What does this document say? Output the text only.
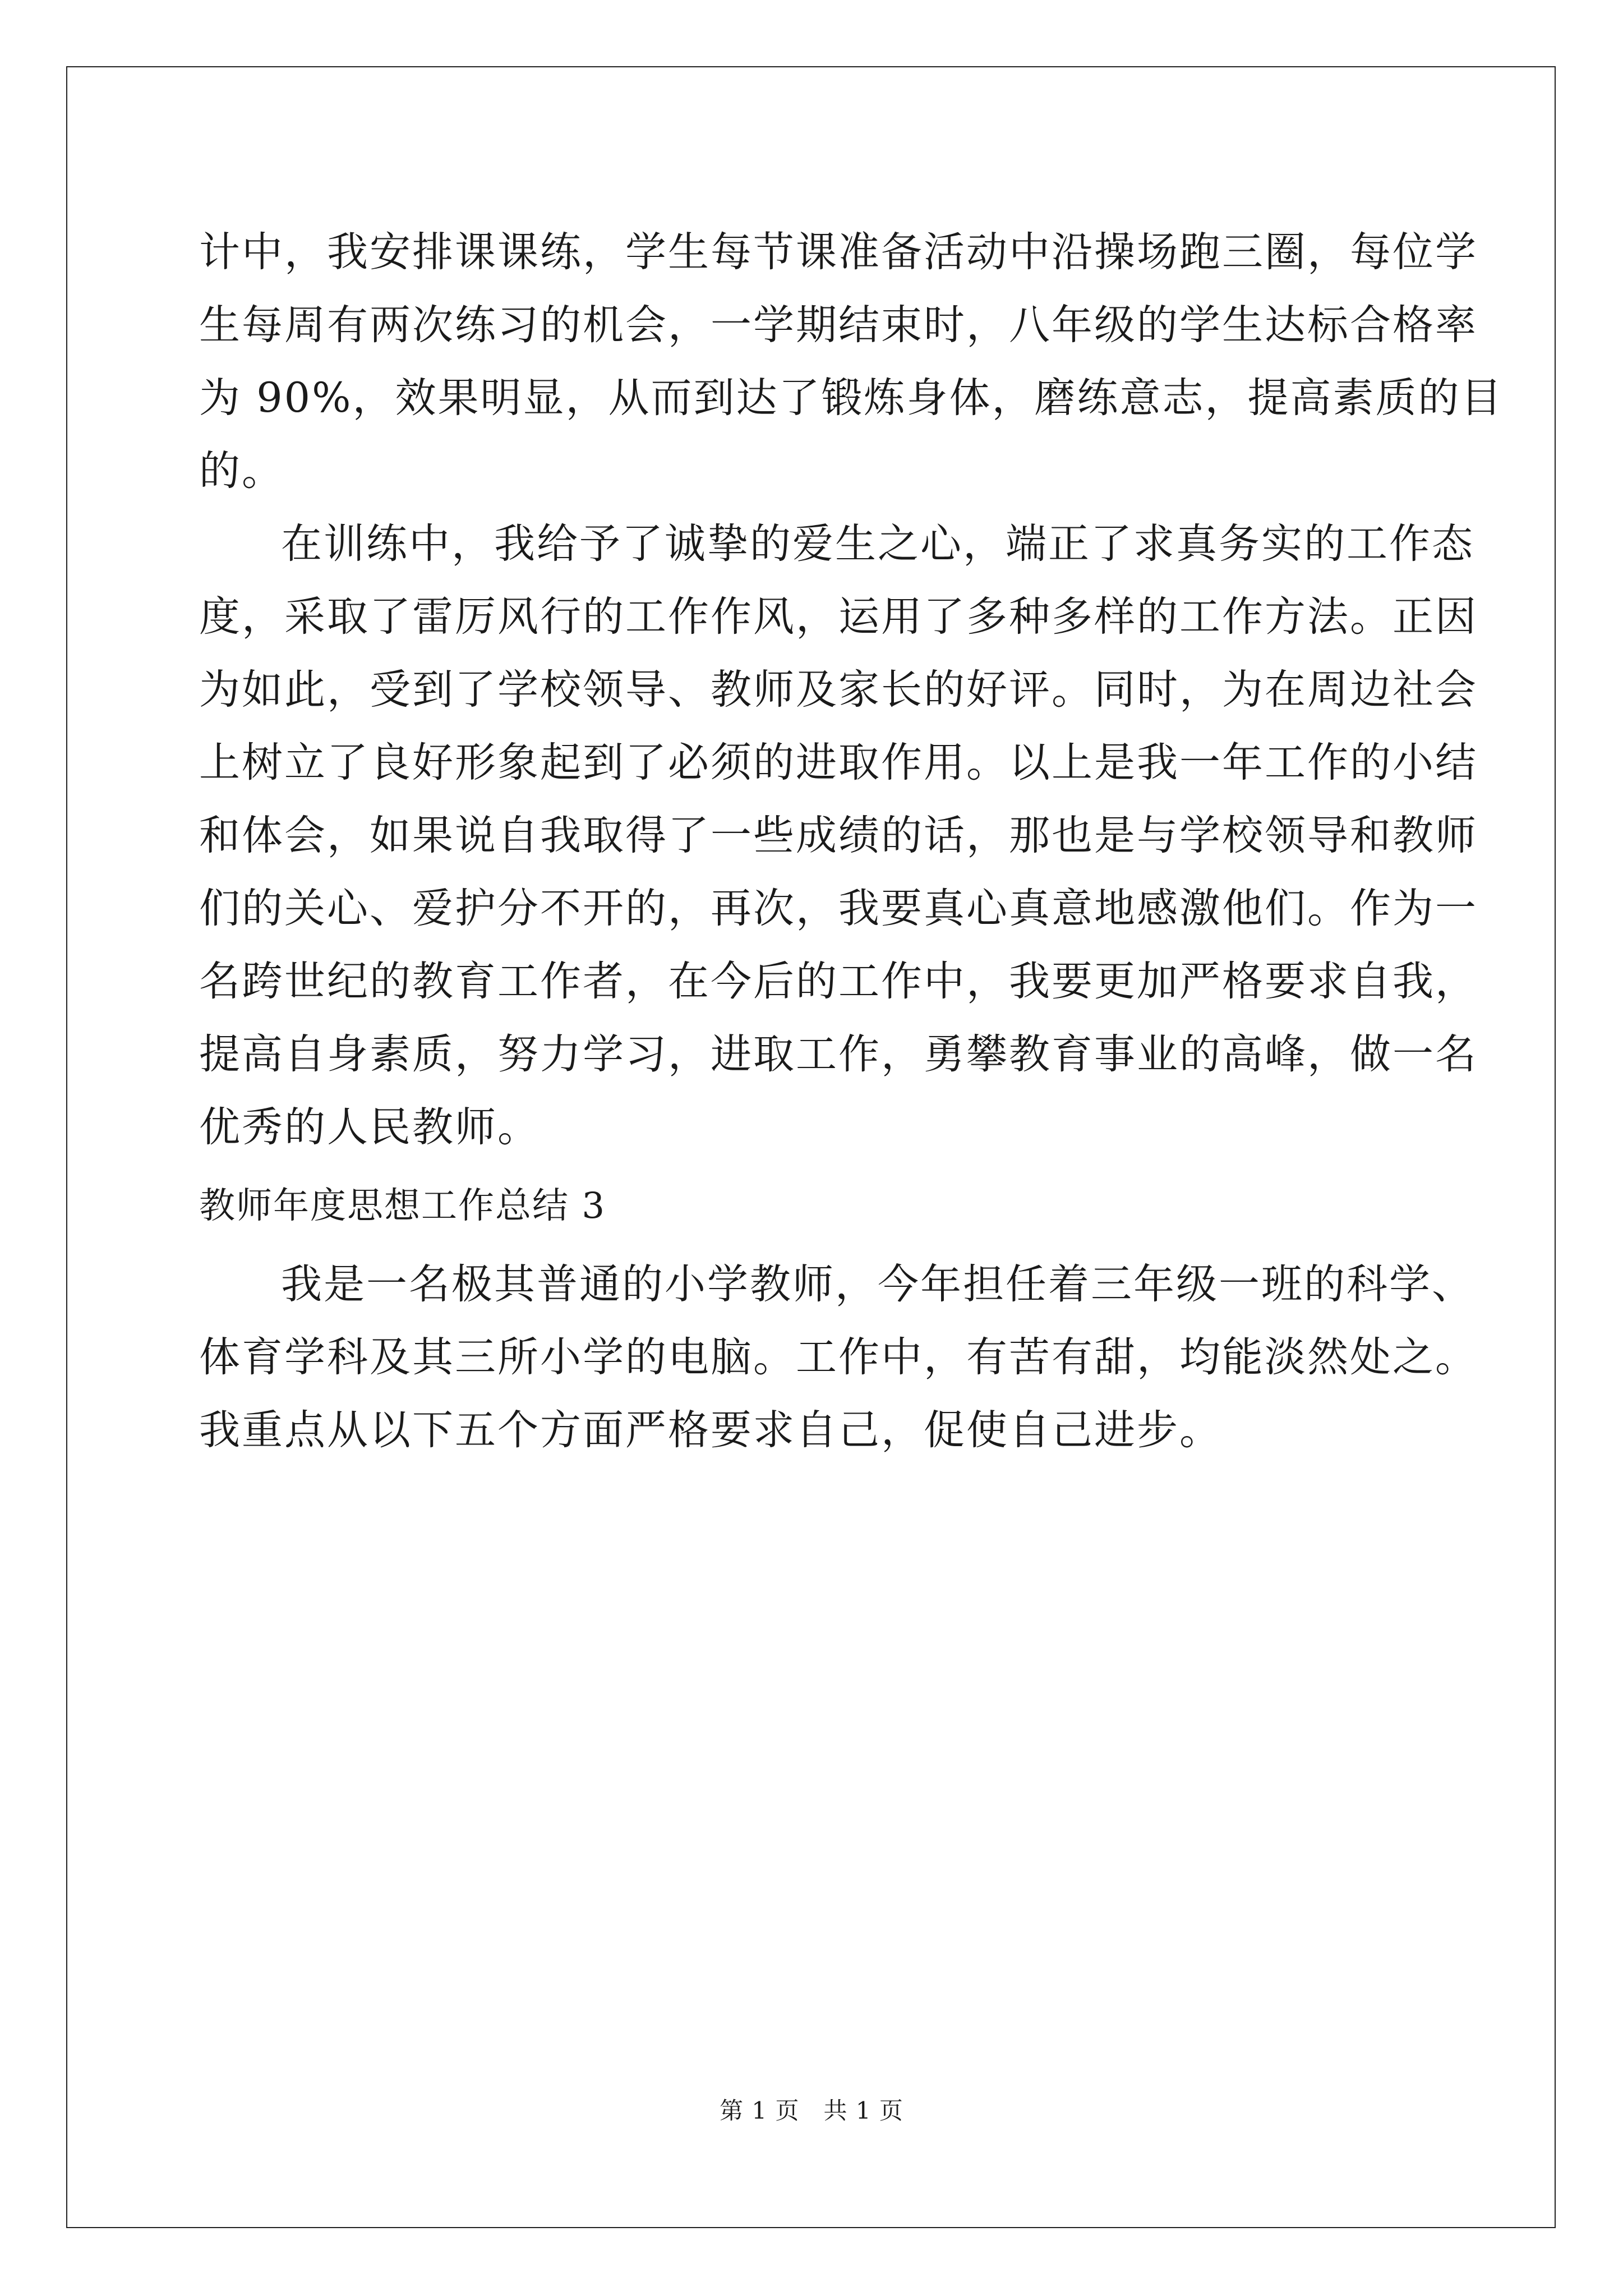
计中，我安排课课练，学生每节课准备活动中沿操场跑三圈，每位学

生每周有两次练习的机会，一学期结束时，八年级的学生达标合格率

为 90%，效果明显，从而到达了锻炼身体，磨练意志，提高素质的目

的。

在训练中，我给予了诚挚的爱生之心，端正了求真务实的工作态

度，采取了雷厉风行的工作作风，运用了多种多样的工作方法。正因

为如此，受到了学校领导、教师及家长的好评。同时，为在周边社会

上树立了良好形象起到了必须的进取作用。以上是我一年工作的小结

和体会，如果说自我取得了一些成绩的话，那也是与学校领导和教师

们的关心、爱护分不开的，再次，我要真心真意地感激他们。作为一

名跨世纪的教育工作者，在今后的工作中，我要更加严格要求自我，

提高自身素质，努力学习，进取工作，勇攀教育事业的高峰，做一名

优秀的人民教师。

教师年度思想工作总结 3

我是一名极其普通的小学教师，今年担任着三年级一班的科学、

体育学科及其三所小学的电脑。工作中，有苦有甜，均能淡然处之。

我重点从以下五个方面严格要求自己，促使自己进步。

第 1 页　共 1 页
